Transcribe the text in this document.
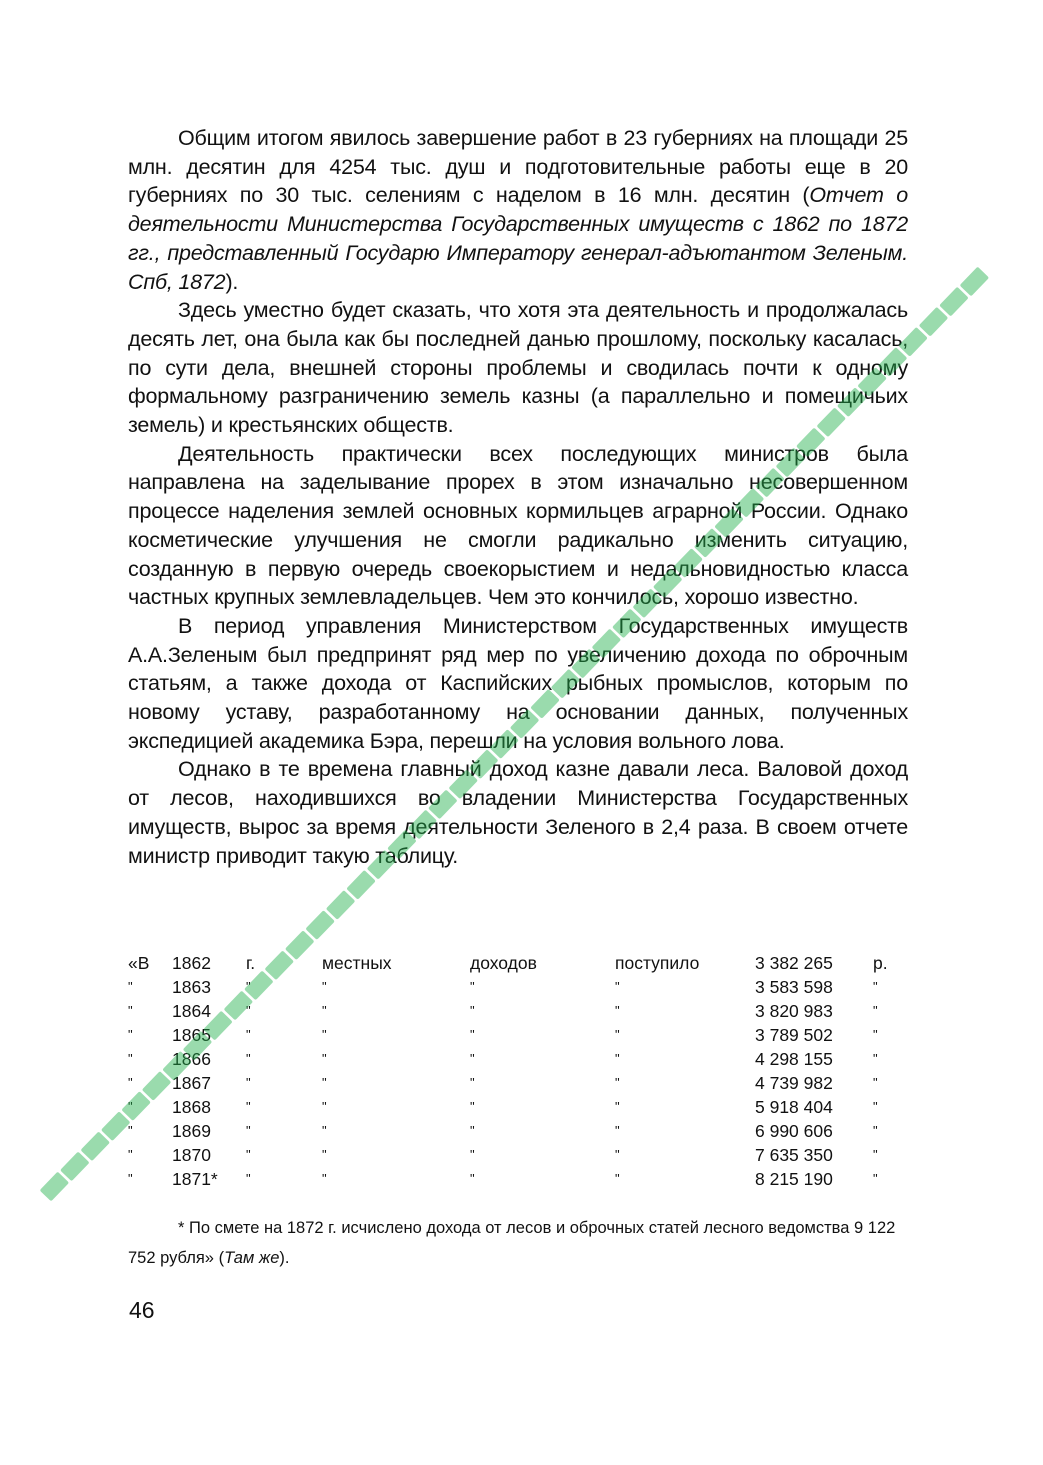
Общим итогом явилось завершение работ в 23 губерниях на площади 25 млн. десятин для 4254 тыс. душ и подготовительные работы еще в 20 губерниях по 30 тыс. селениям с наделом в 16 млн. десятин (Отчет о деятельности Министерства Государственных имуществ с 1862 по 1872 гг., представленный Государю Императору генерал-адъютантом Зеленым. Спб, 1872).

Здесь уместно будет сказать, что хотя эта деятельность и продолжалась десять лет, она была как бы последней данью прошлому, поскольку касалась, по сути дела, внешней стороны проблемы и сводилась почти к одному формальному разграничению земель казны (а параллельно и помещичьих земель) и крестьянских обществ.

Деятельность практически всех последующих министров была направлена на заделывание прорех в этом изначально несовершенном процессе наделения землей основных кормильцев аграрной России. Однако косметические улучшения не смогли радикально изменить ситуацию, созданную в первую очередь своекорыстием и недальновидностью класса частных крупных землевладельцев. Чем это кончилось, хорошо известно.

В период управления Министерством Государственных имуществ А.А.Зеленым был предпринят ряд мер по увеличению дохода по оброчным статьям, а также дохода от Каспийских рыбных промыслов, которым по новому уставу, разработанному на основании данных, полученных экспедицией академика Бэра, перешли на условия вольного лова.

Однако в те времена главный доход казне давали леса. Валовой доход от лесов, находившихся во владении Министерства Государственных имуществ, вырос за время деятельности Зеленого в 2,4 раза. В своем отчете министр приводит такую таблицу.

«В	1862	г.	местных	доходов	поступило	3 382 265	р.
"	1863	"	"	"	"	3 583 598	"
"	1864	"	"	"	"	3 820 983	"
"	1865	"	"	"	"	3 789 502	"
"	1866	"	"	"	"	4 298 155	"
"	1867	"	"	"	"	4 739 982	"
"	1868	"	"	"	"	5 918 404	"
"	1869	"	"	"	"	6 990 606	"
"	1870	"	"	"	"	7 635 350	"
"	1871*	"	"	"	"	8 215 190	"

* По смете на 1872 г. исчислено дохода от лесов и оброчных статей лесного ведомства 9 122 752 рубля» (Там же).

46
